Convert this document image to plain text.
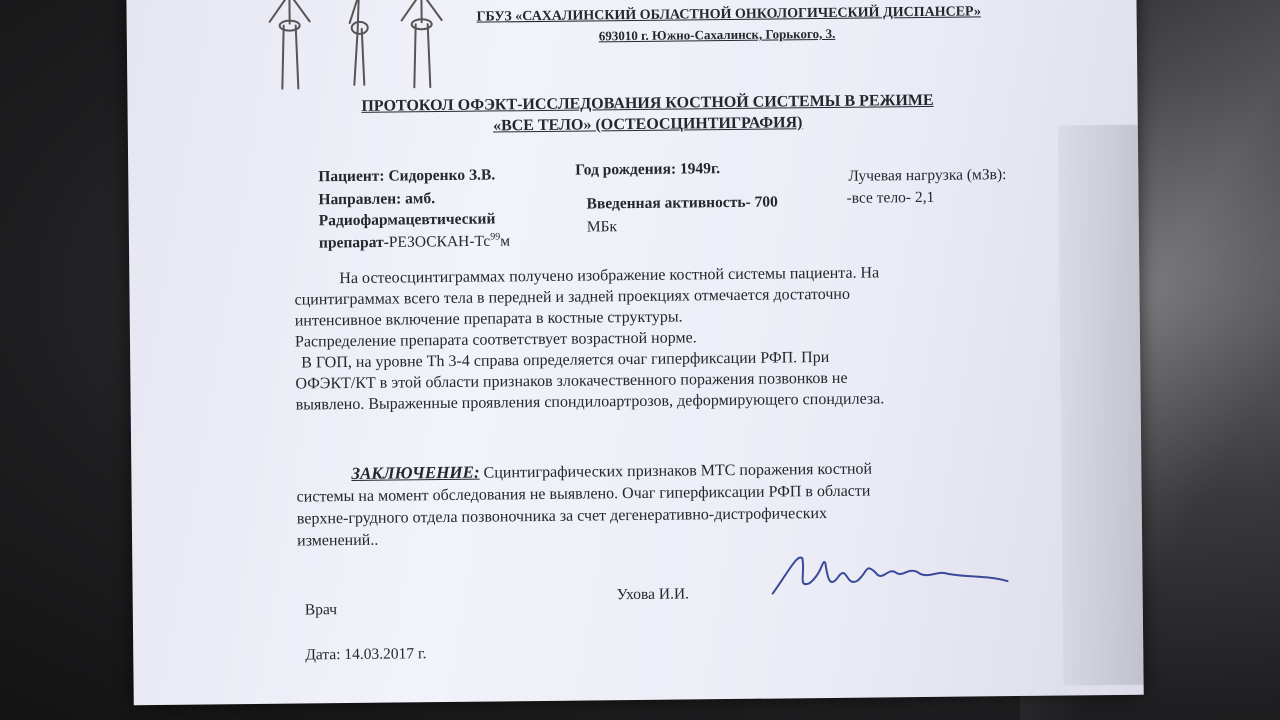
ГБУЗ «САХАЛИНСКИЙ ОБЛАСТНОЙ ОНКОЛОГИЧЕСКИЙ ДИСПАНСЕР»
693010 г. Южно-Сахалинск, Горького, 3.
ПРОТОКОЛ ОФЭКТ-ИССЛЕДОВАНИЯ КОСТНОЙ СИСТЕМЫ В РЕЖИМЕ
«ВСЕ ТЕЛО» (ОСТЕОСЦИНТИГРАФИЯ)
Пациент: Сидоренко З.В.	Год рождения: 1949г.
Направлен: амб.
Радиофармацевтический
препарат-$РЕЗОСКАН-Тс^{99}м$
Введенная активность- 700
МБк
Лучевая нагрузка (мЗв):
-все тело- 2,1
На остеосцинтиграммах получено изображение костной системы пациента. На
сцинтиграммах всего тела в передней и задней проекциях отмечается достаточно
интенсивное включение препарата в костные структуры.
Распределение препарата соответствует возрастной норме.
В ГОП, на уровне Th 3-4 справа определяется очаг гиперфиксации РФП. При
ОФЭКТ/КТ в этой области признаков злокачественного поражения позвонков не
выявлено. Выраженные проявления спондилоартрозов, деформирующего спондилеза.
ЗАКЛЮЧЕНИЕ: Сцинтиграфических признаков МТС поражения костной
системы на момент обследования не выявлено. Очаг гиперфиксации РФП в области
верхне-грудного отдела позвоночника за счет дегенеративно-дистрофических
изменений..
Врач
Ухова И.И.
Дата: 14.03.2017 г.
